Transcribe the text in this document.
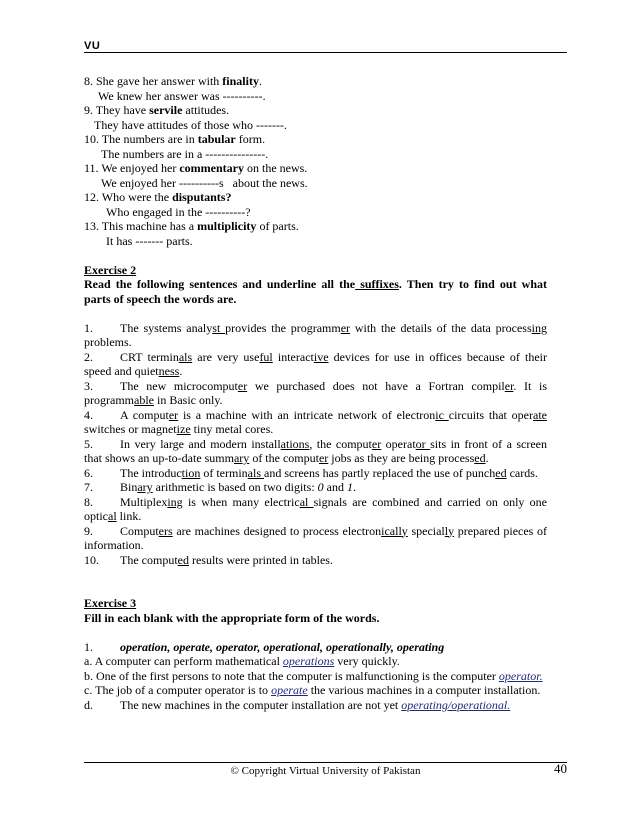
VU
8. She gave her answer with finality.
We knew her answer was ----------.
9. They have servile attitudes.
They have attitudes of those who -------.
10. The numbers are in tabular form.
The numbers are in a ---------------.
11. We enjoyed her commentary on the news.
We enjoyed her ----------s   about the news.
12. Who were the disputants?
Who engaged in the ----------?
13. This machine has a multiplicity of parts.
It has ------- parts.
Exercise 2
Read the following sentences and underline all the suffixes. Then try to find out what parts of speech the words are.
1. The systems analyst provides the programmer with the details of the data processing problems.
2. CRT terminals are very useful interactive devices for use in offices because of their speed and quietness.
3. The new microcomputer we purchased does not have a Fortran compiler. It is programmable in Basic only.
4. A computer is a machine with an intricate network of electronic circuits that operate switches or magnetize tiny metal cores.
5. In very large and modern installations, the computer operator sits in front of a screen that shows an up-to-date summary of the computer jobs as they are being processed.
6. The introduction of terminals and screens has partly replaced the use of punched cards.
7. Binary arithmetic is based on two digits: 0 and 1.
8. Multiplexing is when many electrical signals are combined and carried on only one optical link.
9. Computers are machines designed to process electronically specially prepared pieces of information.
10. The computed results were printed in tables.
Exercise 3
Fill in each blank with the appropriate form of the words.
1. operation, operate, operator, operational, operationally, operating
a. A computer can perform mathematical operations very quickly.
b. One of the first persons to note that the computer is malfunctioning is the computer operator.
c. The job of a computer operator is to operate the various machines in a computer installation.
d. The new machines in the computer installation are not yet operating/operational.
© Copyright Virtual University of Pakistan	40
